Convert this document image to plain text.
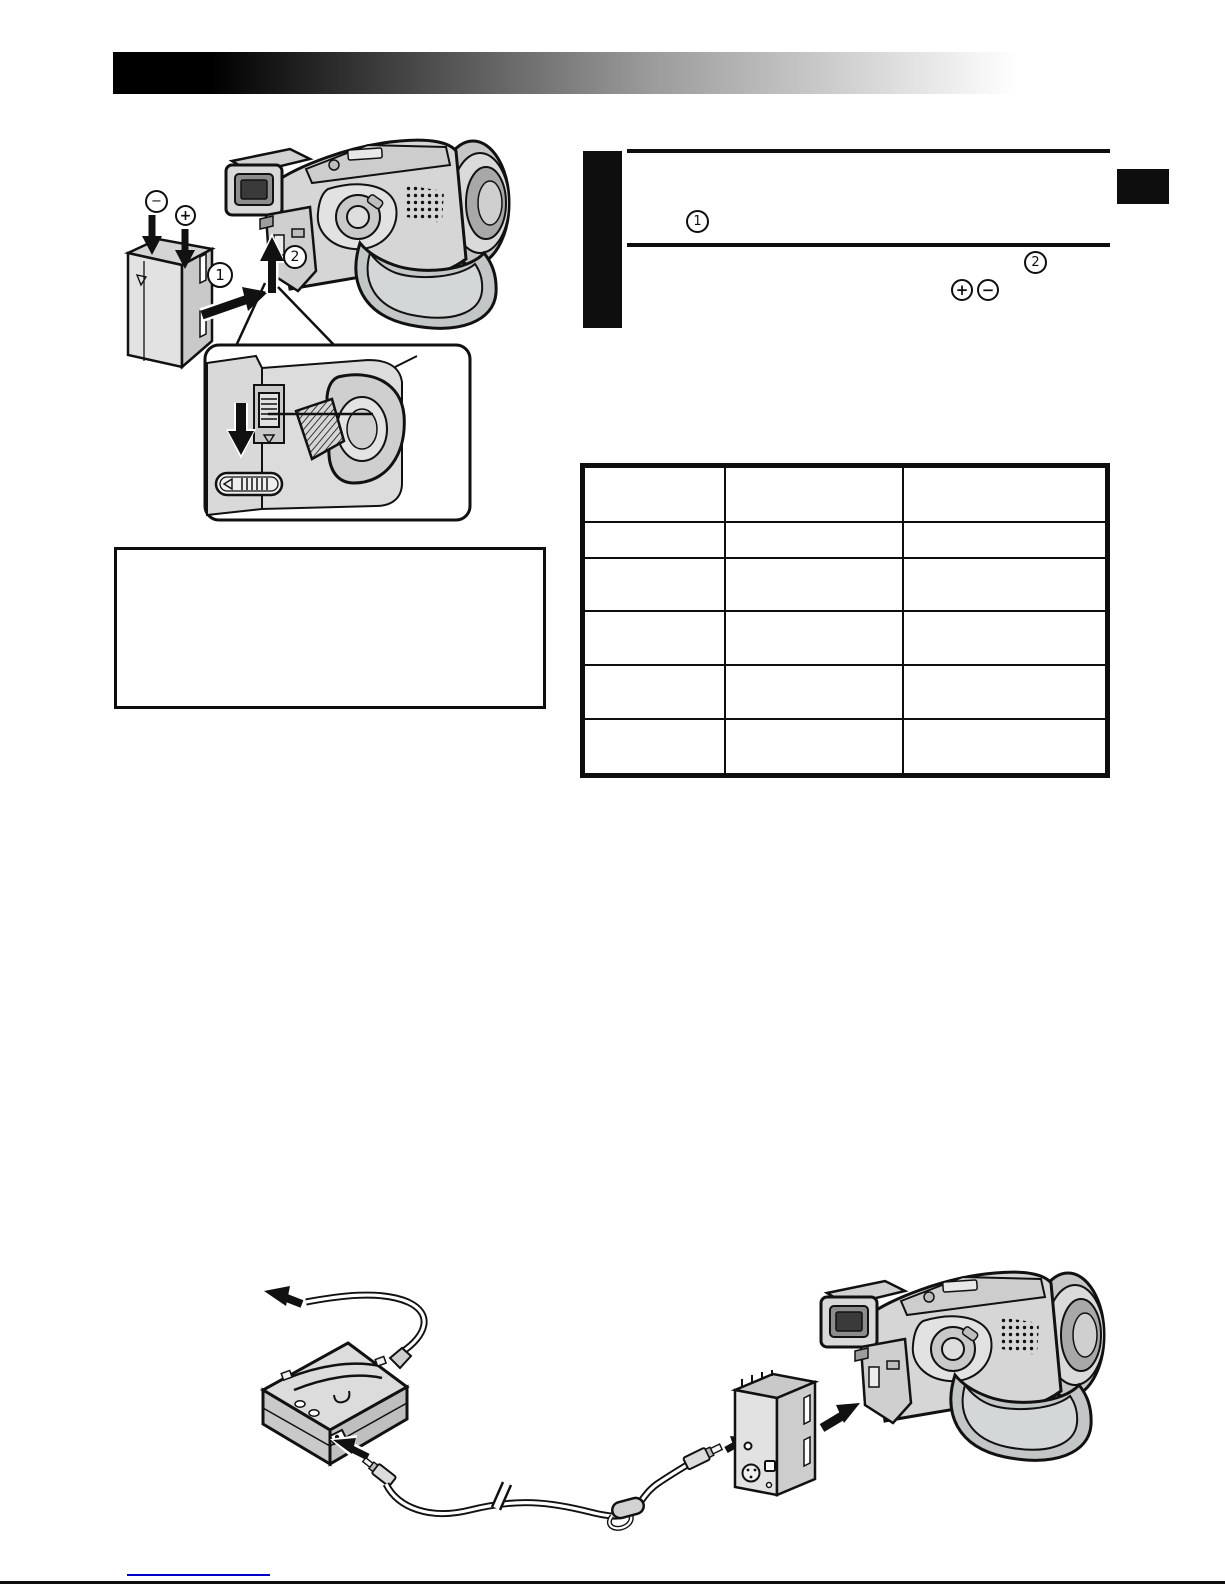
−
+
1
2
1
2
+ −
